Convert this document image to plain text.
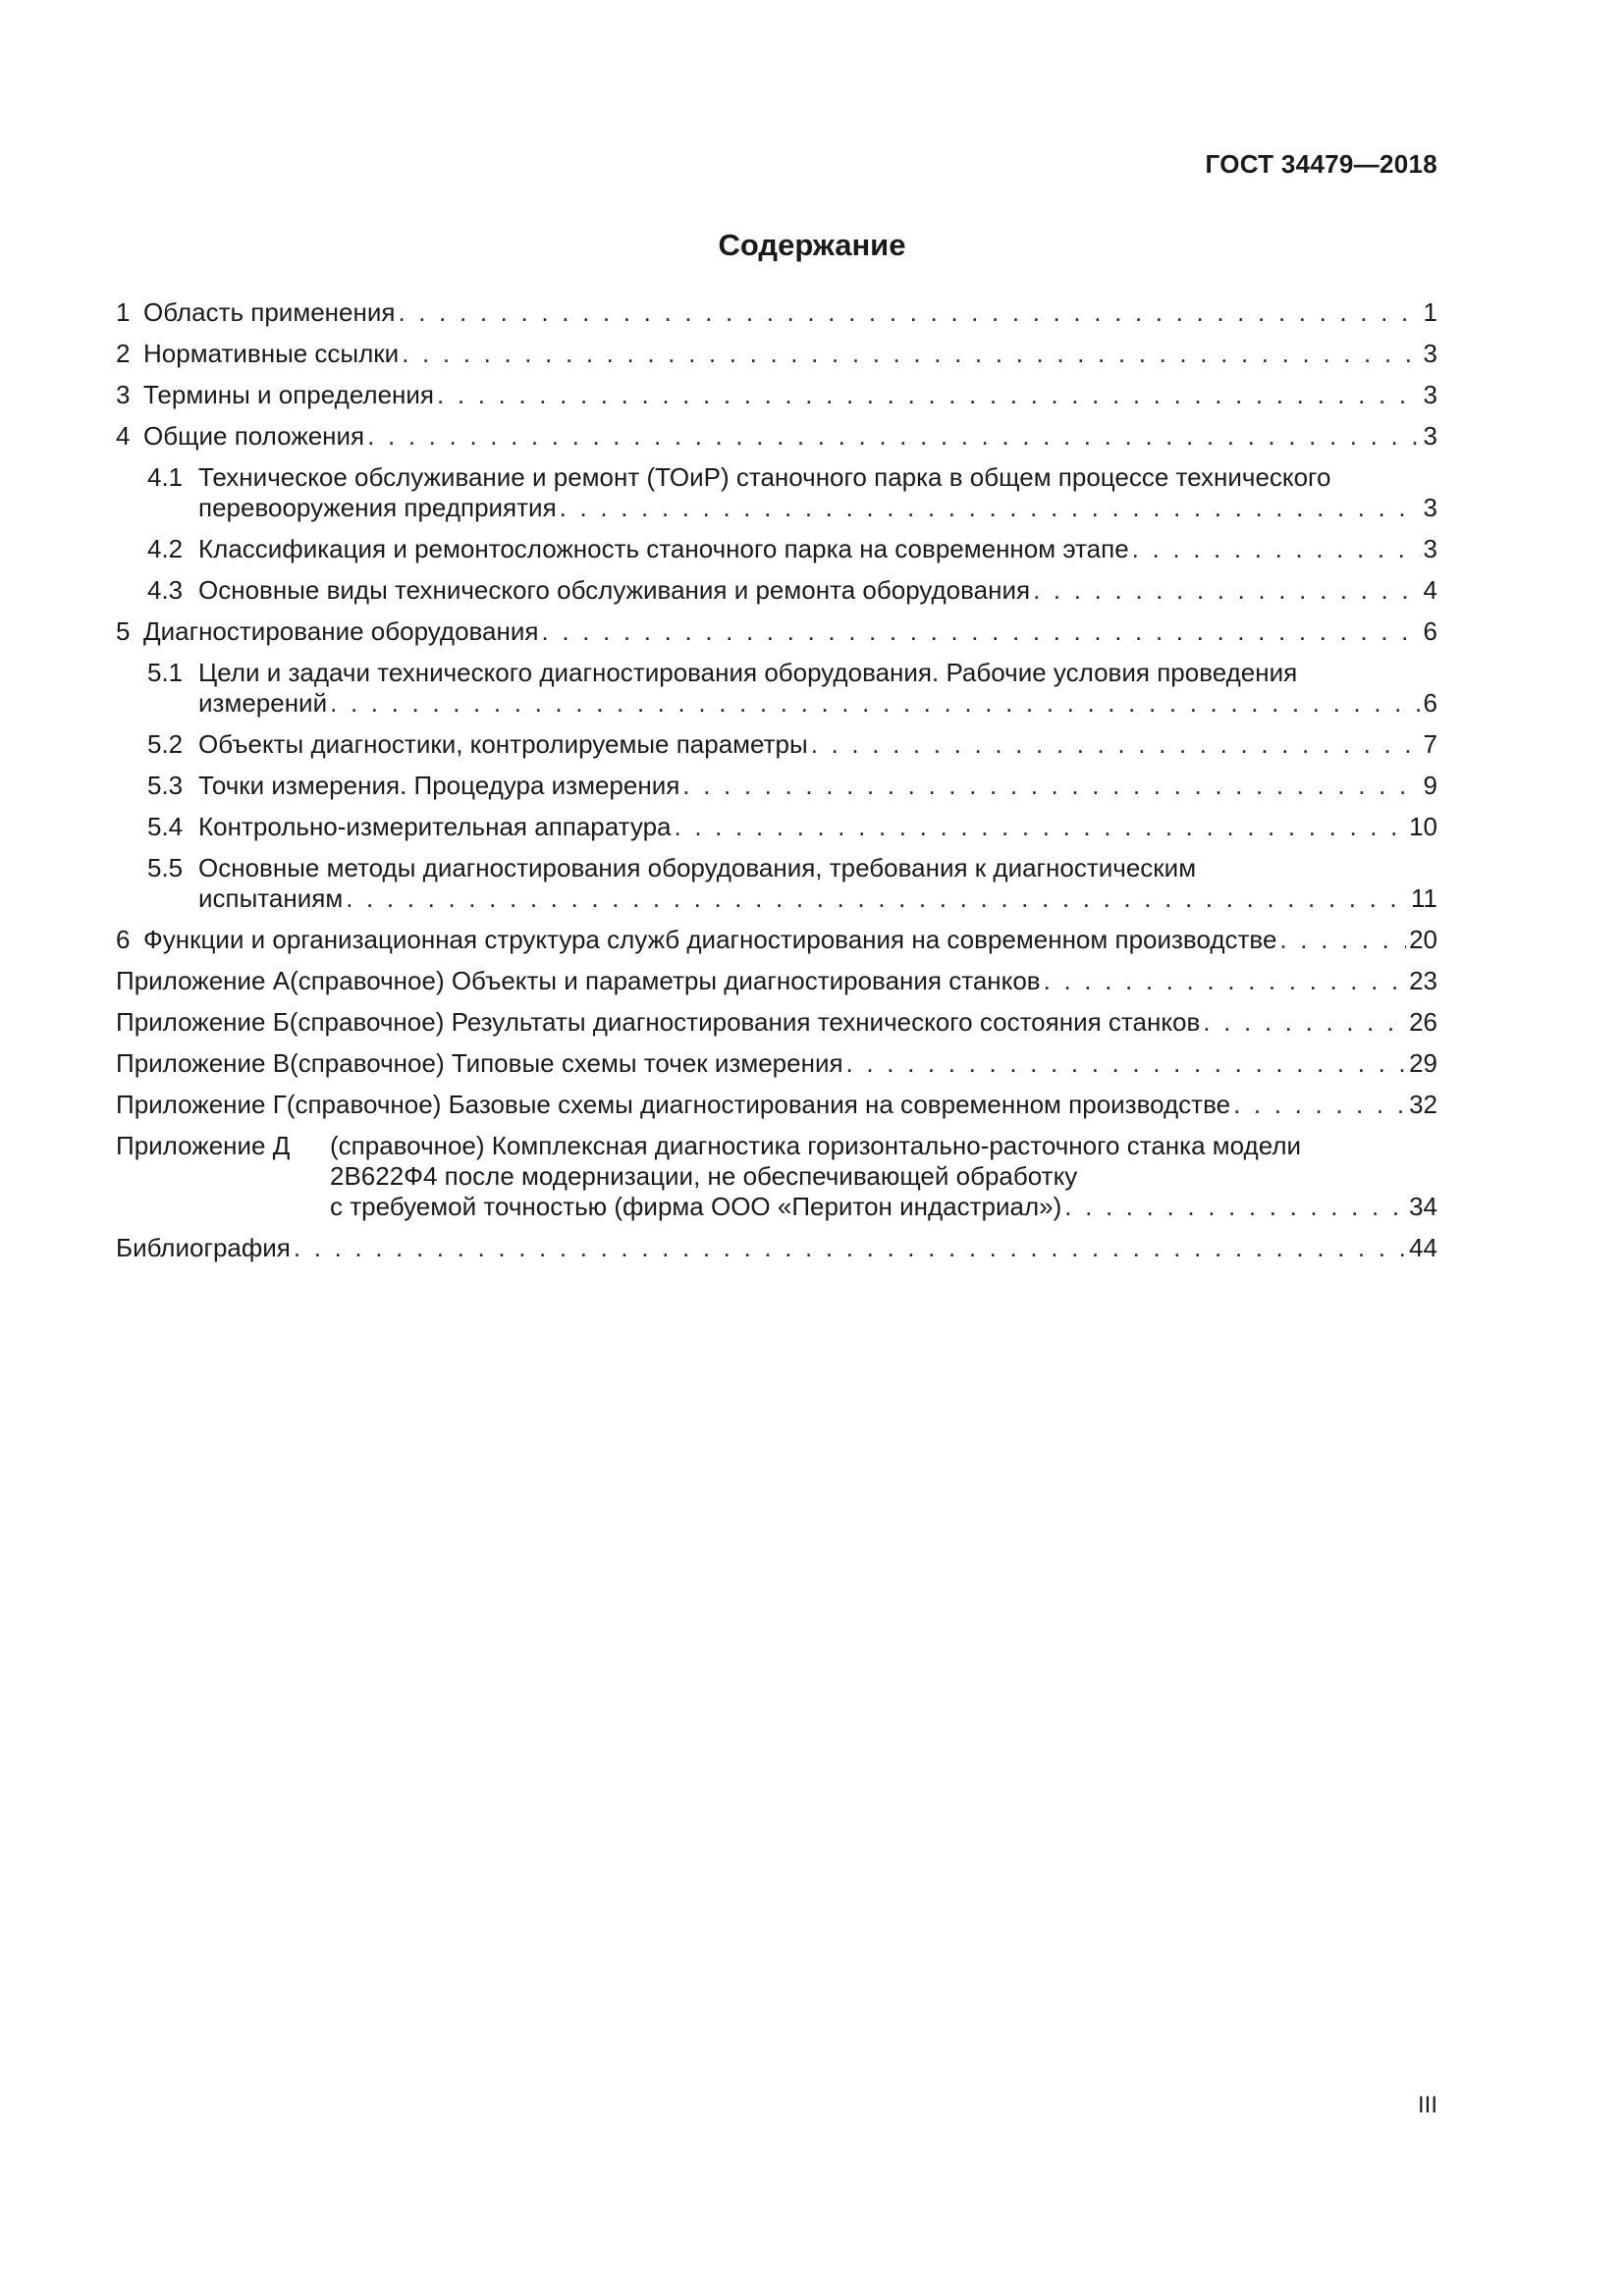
ГОСТ 34479—2018
Содержание
1 Область применения . . .	1
2 Нормативные ссылки . . .	3
3 Термины и определения . . .	3
4 Общие положения . . .	3
4.1 Техническое обслуживание и ремонт (ТОиР) станочного парка в общем процессе технического
перевооружения предприятия . . .	3
4.2 Классификация и ремонтосложность станочного парка на современном этапе . . .	3
4.3 Основные виды технического обслуживания и ремонта оборудования . . .	4
5 Диагностирование оборудования . . .	6
5.1 Цели и задачи технического диагностирования оборудования. Рабочие условия проведения
измерений . . .	6
5.2 Объекты диагностики, контролируемые параметры . . .	7
5.3 Точки измерения. Процедура измерения . . .	9
5.4 Контрольно-измерительная аппаратура . . .	10
5.5 Основные методы диагностирования оборудования, требования к диагностическим
испытаниям . . .	11
6 Функции и организационная структура служб диагностирования на современном производстве . . .	20
Приложение А (справочное) Объекты и параметры диагностирования станков . . .	23
Приложение Б (справочное) Результаты диагностирования технического состояния станков . . .	26
Приложение В (справочное) Типовые схемы точек измерения . . .	29
Приложение Г (справочное) Базовые схемы диагностирования на современном производстве . . .	32
Приложение Д (справочное) Комплексная диагностика горизонтально-расточного станка модели
2В622Ф4 после модернизации, не обеспечивающей обработку
с требуемой точностью (фирма ООО «Перитон индастриал») . . .	34
Библиография . . .	44
III
